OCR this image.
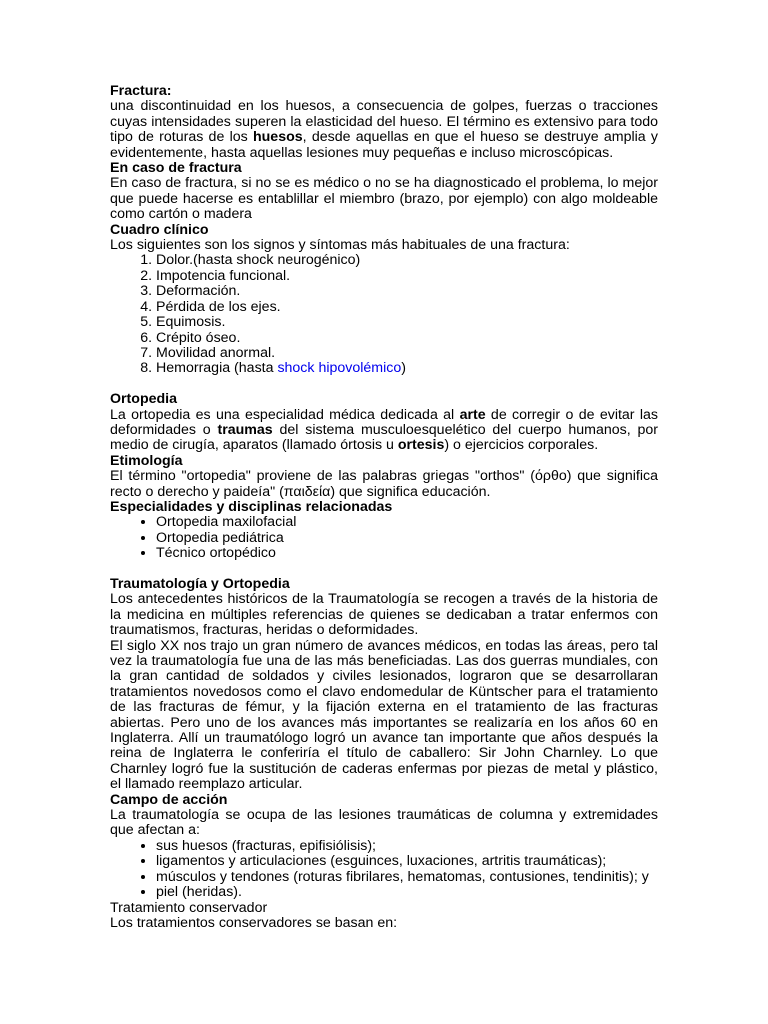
Fractura:

una discontinuidad en los huesos, a consecuencia de golpes, fuerzas o tracciones cuyas intensidades superen la elasticidad del hueso. El término es extensivo para todo tipo de roturas de los huesos, desde aquellas en que el hueso se destruye amplia y evidentemente, hasta aquellas lesiones muy pequeñas e incluso microscópicas.

En caso de fractura

En caso de fractura, si no se es médico o no se ha diagnosticado el problema, lo mejor que puede hacerse es entablillar el miembro (brazo, por ejemplo) con algo moldeable como cartón o madera

Cuadro clínico

Los siguientes son los signos y síntomas más habituales de una fractura:

1. Dolor.(hasta shock neurogénico)
2. Impotencia funcional.
3. Deformación.
4. Pérdida de los ejes.
5. Equimosis.
6. Crépito óseo.
7. Movilidad anormal.
8. Hemorragia (hasta shock hipovolémico)
Ortopedia

La ortopedia es una especialidad médica dedicada al arte de corregir o de evitar las deformidades o traumas del sistema musculoesquelético del cuerpo humanos, por medio de cirugía, aparatos (llamado órtosis u ortesis) o ejercicios corporales.

Etimología

El término "ortopedia" proviene de las palabras griegas "orthos" (όρθο) que significa recto o derecho y paideía" (παιδεία) que significa educación.

Especialidades y disciplinas relacionadas
• Ortopedia maxilofacial
• Ortopedia pediátrica
• Técnico ortopédico
Traumatología y Ortopedia

Los antecedentes históricos de la Traumatología se recogen a través de la historia de la medicina en múltiples referencias de quienes se dedicaban a tratar enfermos con traumatismos, fracturas, heridas o deformidades.

El siglo XX nos trajo un gran número de avances médicos, en todas las áreas, pero tal vez la traumatología fue una de las más beneficiadas. Las dos guerras mundiales, con la gran cantidad de soldados y civiles lesionados, lograron que se desarrollaran tratamientos novedosos como el clavo endomedular de Küntscher para el tratamiento de las fracturas de fémur, y la fijación externa en el tratamiento de las fracturas abiertas. Pero uno de los avances más importantes se realizaría en los años 60 en Inglaterra. Allí un traumatólogo logró un avance tan importante que años después la reina de Inglaterra le conferiría el título de caballero: Sir John Charnley. Lo que Charnley logró fue la sustitución de caderas enfermas por piezas de metal y plástico, el llamado reemplazo articular.

Campo de acción

La traumatología se ocupa de las lesiones traumáticas de columna y extremidades que afectan a:

• sus huesos (fracturas, epifisiólisis);
• ligamentos y articulaciones (esguinces, luxaciones, artritis traumáticas);
• músculos y tendones (roturas fibrilares, hematomas, contusiones, tendinitis); y
• piel (heridas).

Tratamiento conservador

Los tratamientos conservadores se basan en:
